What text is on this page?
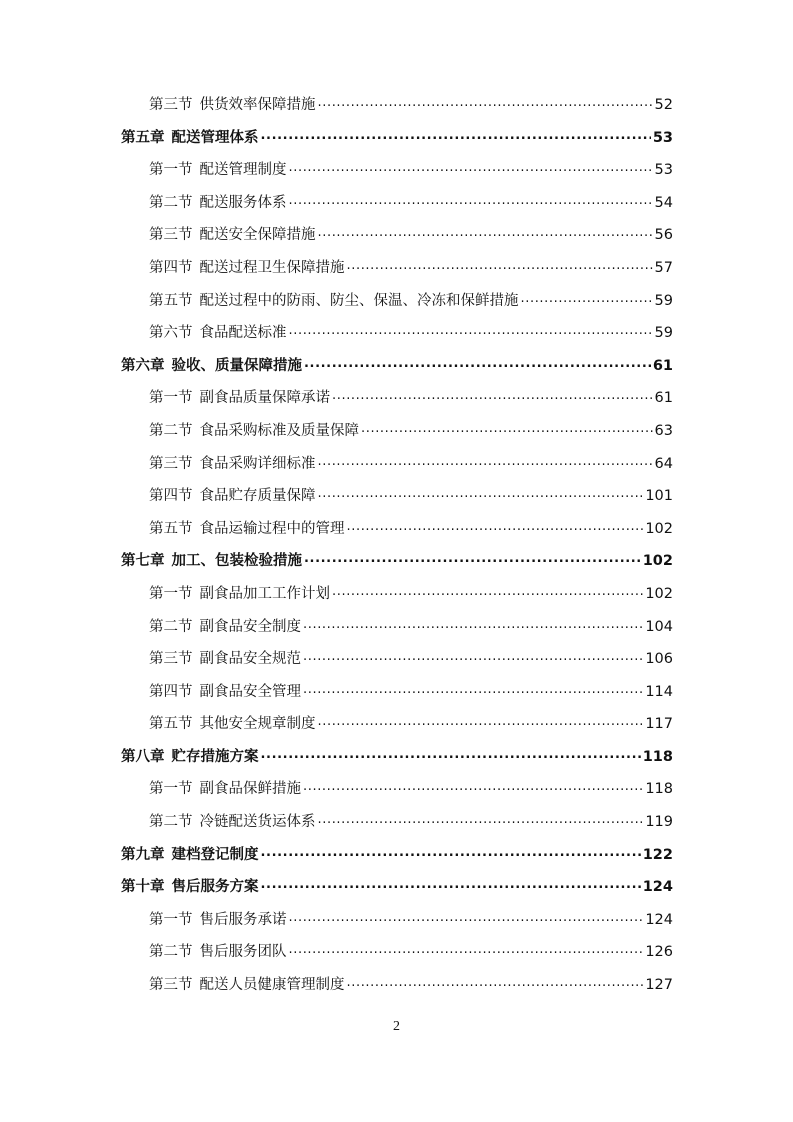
第三节 供货效率保障措施 .....	52
第五章 配送管理体系 .....	53
第一节 配送管理制度 .....	53
第二节 配送服务体系 .....	54
第三节 配送安全保障措施 .....	56
第四节 配送过程卫生保障措施 .....	57
第五节 配送过程中的防雨、防尘、保温、冷冻和保鲜措施 .....	59
第六节 食品配送标准 .....	59
第六章 验收、质量保障措施 .....	61
第一节 副食品质量保障承诺 .....	61
第二节 食品采购标准及质量保障 .....	63
第三节 食品采购详细标准 .....	64
第四节 食品贮存质量保障 .....	101
第五节 食品运输过程中的管理 .....	102
第七章 加工、包装检验措施 .....	102
第一节 副食品加工工作计划 .....	102
第二节 副食品安全制度 .....	104
第三节 副食品安全规范 .....	106
第四节 副食品安全管理 .....	114
第五节 其他安全规章制度 .....	117
第八章 贮存措施方案 .....	118
第一节 副食品保鲜措施 .....	118
第二节 冷链配送货运体系 .....	119
第九章 建档登记制度 .....	122
第十章 售后服务方案 .....	124
第一节 售后服务承诺 .....	124
第二节 售后服务团队 .....	126
第三节 配送人员健康管理制度 .....	127
2
